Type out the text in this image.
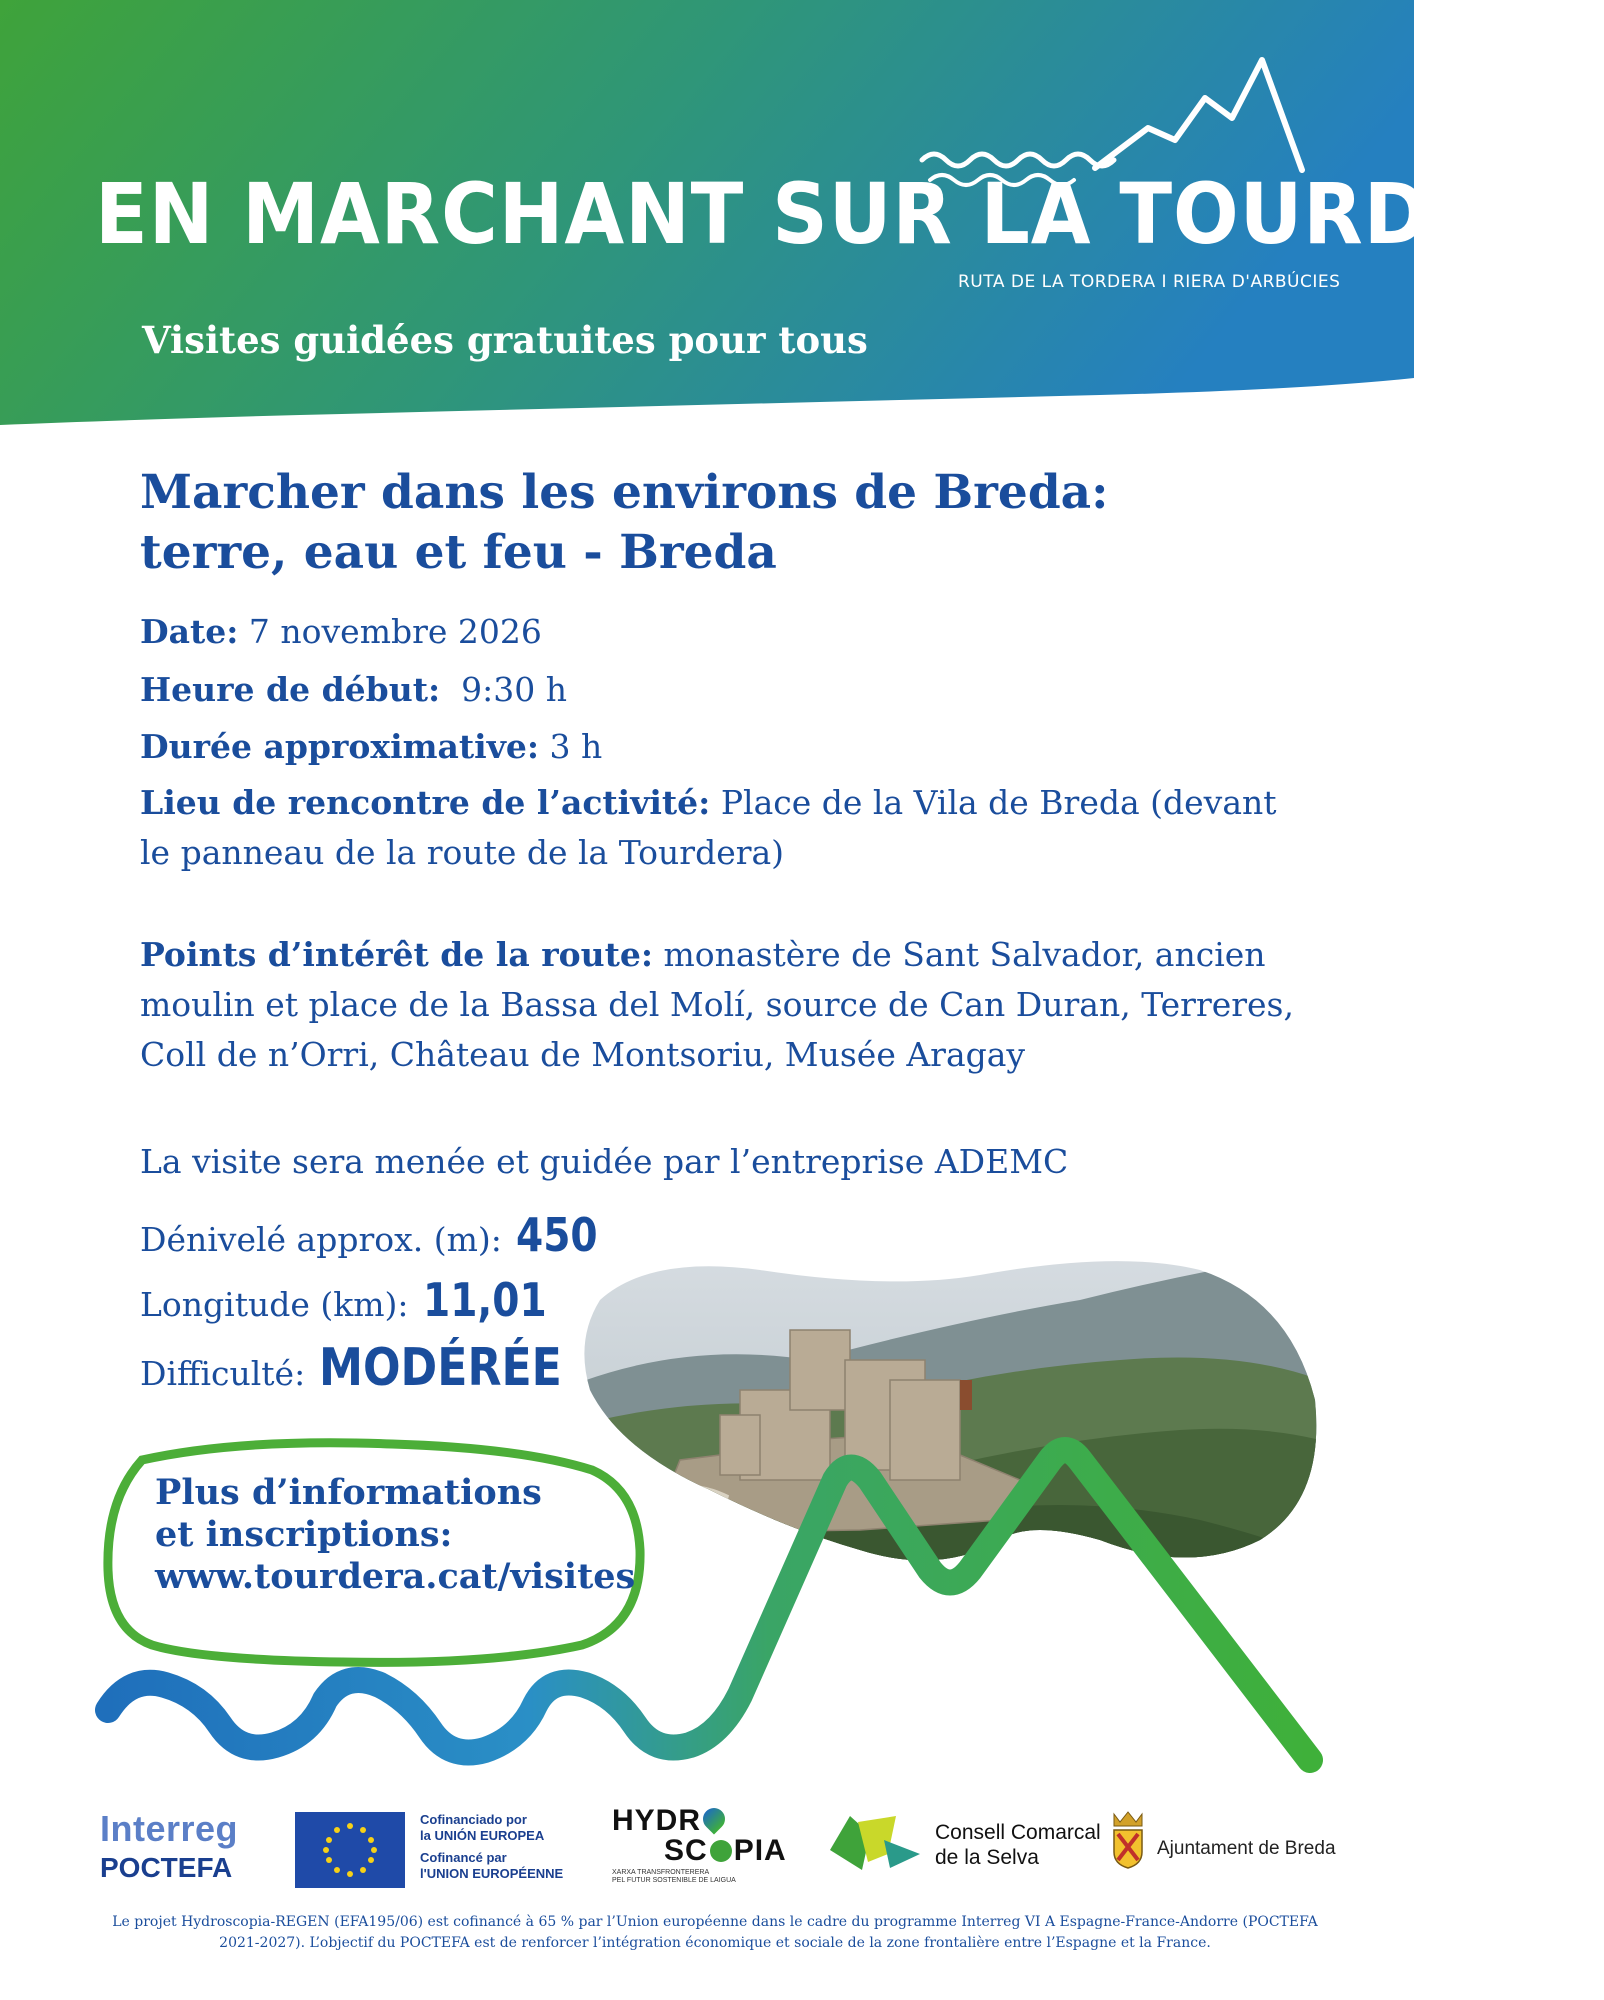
EN MARCHANT SUR LA TOURDERA
RUTA DE LA TORDERA I RIERA D'ARBÚCIES
Visites guidées gratuites pour tous
Marcher dans les environs de Breda:
terre, eau et feu - Breda
Date: 7 novembre 2026
Heure de début: 9:30 h
Durée approximative: 3 h
Lieu de rencontre de l’activité: Place de la Vila de Breda (devant le panneau de la route de la Tourdera)
Points d’intérêt de la route: monastère de Sant Salvador, ancien moulin et place de la Bassa del Molí, source de Can Duran, Terreres, Coll de n’Orri, Château de Montsoriu, Musée Aragay
La visite sera menée et guidée par l’entreprise ADEMC
Dénivelé approx. (m): 450
Longitude (km): 11,01
Difficulté: MODÉRÉE
Plus d’informations
et inscriptions:
www.tourdera.cat/visites
Interreg
POCTEFA
Cofinanciado por
la UNIÓN EUROPEA
Cofinancé par
l'UNION EUROPÉENNE
HYDR
SC PIA
XARXA TRANSFRONTERERA
PEL FUTUR SOSTENIBLE DE LAIGUA
Consell Comarcal
de la Selva	Ajuntament de Breda
Le projet Hydroscopia-REGEN (EFA195/06) est cofinancé à 65 % par l’Union européenne dans le cadre du programme Interreg VI A Espagne-France-Andorre (POCTEFA 2021-2027). L’objectif du POCTEFA est de renforcer l’intégration économique et sociale de la zone frontalière entre l’Espagne et la France.
